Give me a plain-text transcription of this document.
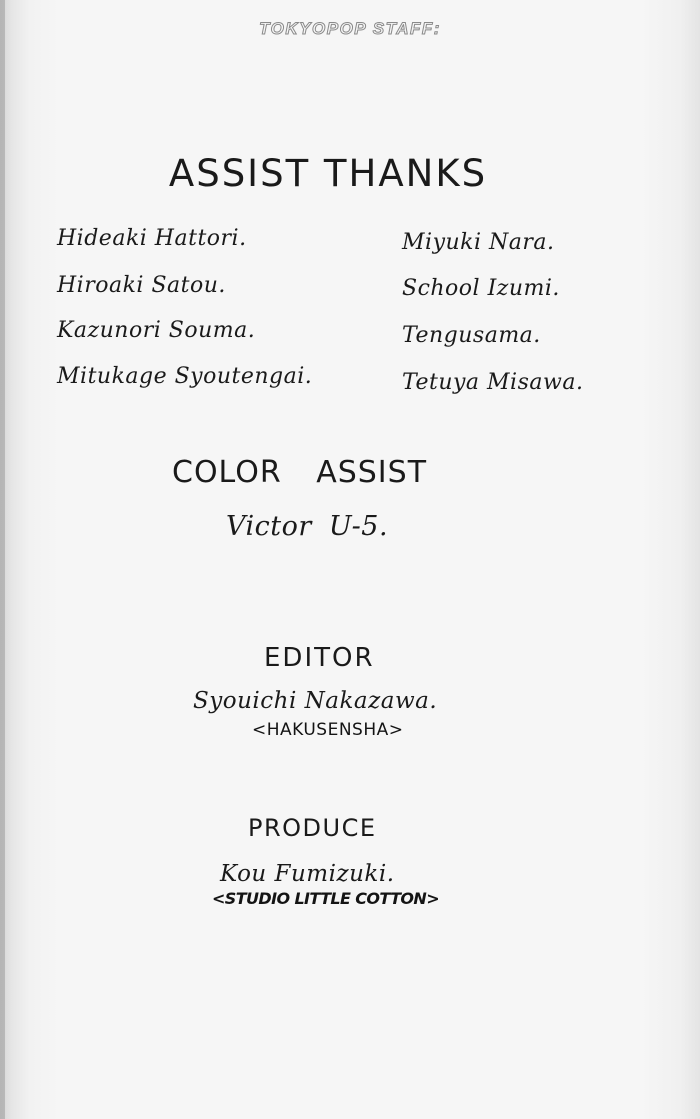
TOKYOPOP STAFF:
ASSIST THANKS
Hideaki Hattori.
Hiroaki Satou.
Kazunori Souma.
Mitukage Syoutengai.
Miyuki Nara.
School Izumi.
Tengusama.
Tetuya Misawa.
COLOR ASSIST
Victor U-5.
EDITOR
Syouichi Nakazawa.
<HAKUSENSHA>
PRODUCE
Kou Fumizuki.
<STUDIO LITTLE COTTON>
